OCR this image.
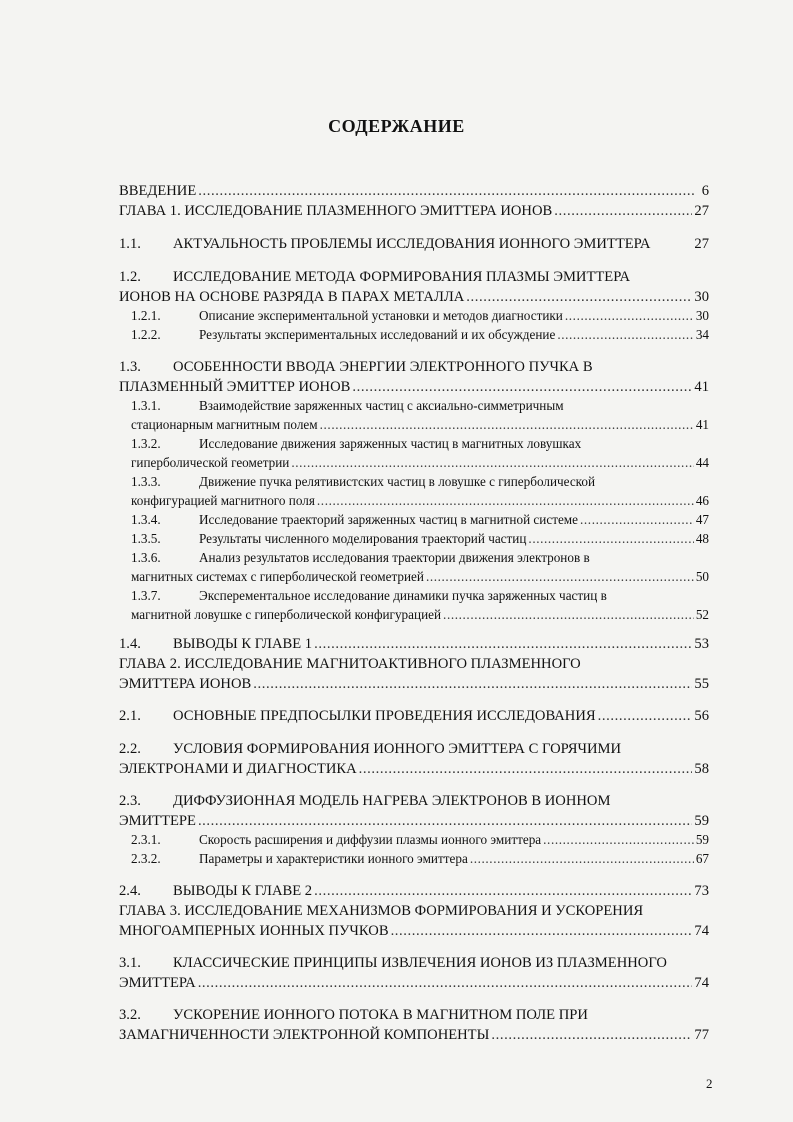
СОДЕРЖАНИЕ
ВВЕДЕНИЕ .....	6
ГЛАВА 1. ИССЛЕДОВАНИЕ ПЛАЗМЕННОГО ЭМИТТЕРА ИОНОВ .....	27
1.1.	АКТУАЛЬНОСТЬ ПРОБЛЕМЫ ИССЛЕДОВАНИЯ ИОННОГО ЭМИТТЕРА	27
1.2.	ИССЛЕДОВАНИЕ МЕТОДА ФОРМИРОВАНИЯ ПЛАЗМЫ ЭМИТТЕРА
ИОНОВ НА ОСНОВЕ РАЗРЯДА В ПАРАХ МЕТАЛЛА .....	30
1.2.1.	Описание экспериментальной установки и методов диагностики .....	30
1.2.2.	Результаты экспериментальных исследований и их обсуждение .....	34
1.3.	ОСОБЕННОСТИ ВВОДА ЭНЕРГИИ ЭЛЕКТРОННОГО ПУЧКА В
ПЛАЗМЕННЫЙ ЭМИТТЕР ИОНОВ .....	41
1.3.1.	Взаимодействие заряженных частиц с аксиально-симметричным
стационарным магнитным полем .....	41
1.3.2.	Исследование движения заряженных частиц в магнитных ловушках
гиперболической геометрии .....	44
1.3.3.	Движение пучка релятивистских частиц в ловушке с гиперболической
конфигурацией магнитного поля .....	46
1.3.4.	Исследование траекторий заряженных частиц в магнитной системе .....	47
1.3.5.	Результаты численного моделирования траекторий частиц .....	48
1.3.6.	Анализ результатов исследования траектории движения электронов в
магнитных системах с гиперболической геометрией .....	50
1.3.7.	Эксперементальное исследование динамики пучка заряженных частиц в
магнитной ловушке с гиперболической конфигурацией .....	52
1.4.	ВЫВОДЫ К ГЛАВЕ 1 .....	53
ГЛАВА 2. ИССЛЕДОВАНИЕ МАГНИТОАКТИВНОГО ПЛАЗМЕННОГО
ЭМИТТЕРА ИОНОВ .....	55
2.1.	ОСНОВНЫЕ ПРЕДПОСЫЛКИ ПРОВЕДЕНИЯ ИССЛЕДОВАНИЯ .....	56
2.2.	УСЛОВИЯ ФОРМИРОВАНИЯ ИОННОГО ЭМИТТЕРА С ГОРЯЧИМИ
ЭЛЕКТРОНАМИ И ДИАГНОСТИКА .....	58
2.3.	ДИФФУЗИОННАЯ МОДЕЛЬ НАГРЕВА ЭЛЕКТРОНОВ В ИОННОМ
ЭМИТТЕРЕ .....	59
2.3.1.	Скорость расширения и диффузии плазмы ионного эмиттера .....	59
2.3.2.	Параметры и характеристики ионного эмиттера .....	67
2.4.	ВЫВОДЫ К ГЛАВЕ 2 .....	73
ГЛАВА 3. ИССЛЕДОВАНИЕ МЕХАНИЗМОВ ФОРМИРОВАНИЯ И УСКОРЕНИЯ
МНОГОАМПЕРНЫХ ИОННЫХ ПУЧКОВ .....	74
3.1.	КЛАССИЧЕСКИЕ ПРИНЦИПЫ ИЗВЛЕЧЕНИЯ ИОНОВ ИЗ ПЛАЗМЕННОГО
ЭМИТТЕРА .....	74
3.2.	УСКОРЕНИЕ ИОННОГО ПОТОКА В МАГНИТНОМ ПОЛЕ ПРИ
ЗАМАГНИЧЕННОСТИ ЭЛЕКТРОННОЙ КОМПОНЕНТЫ .....	77
2
